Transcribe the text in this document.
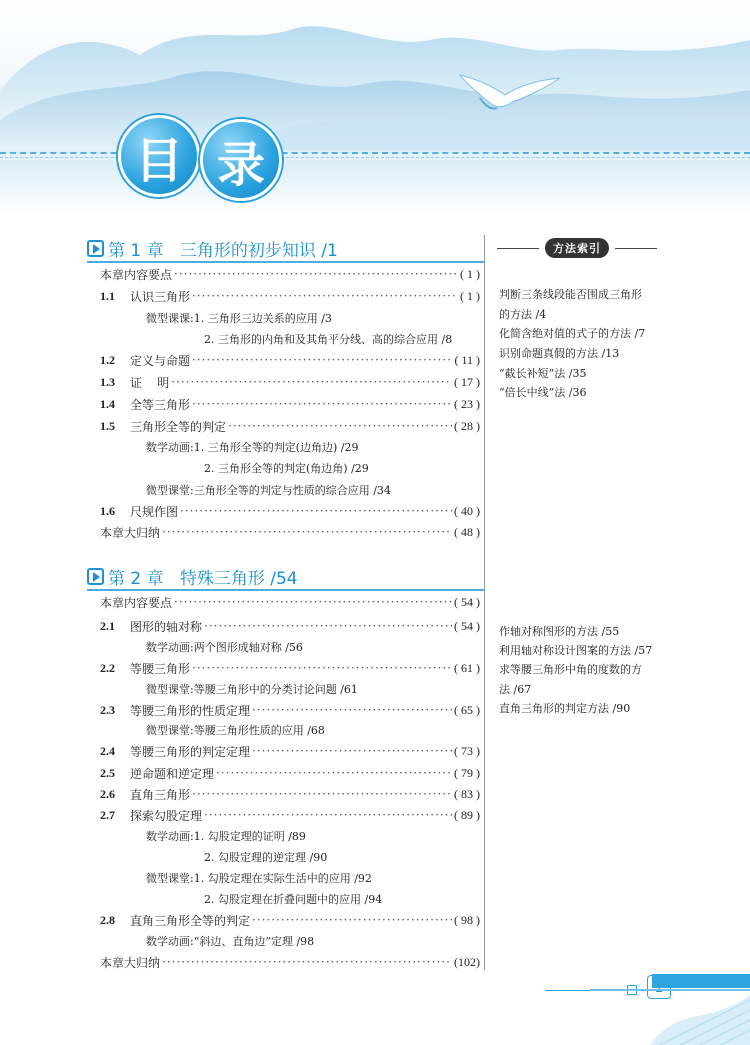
目 录
第 1 章   三角形的初步知识 /1
本章内容要点 ·····	( 1 )
1.1	认识三角形 ·····	( 1 )
微型课课:1. 三角形三边关系的应用 /3
2. 三角形的内角和及其角平分线、高的综合应用 /8
1.2	定义与命题 ·····	( 11 )
1.3	证    明 ·····	( 17 )
1.4	全等三角形 ·····	( 23 )
1.5	三角形全等的判定 ·····	( 28 )
数学动画:1. 三角形全等的判定(边角边) /29
2. 三角形全等的判定(角边角) /29
微型课堂:三角形全等的判定与性质的综合应用 /34
1.6	尺规作图 ·····	( 40 )
本章大归纳 ·····	( 48 )
第 2 章   特殊三角形 /54
本章内容要点 ·····	( 54 )
2.1	图形的轴对称 ·····	( 54 )
数学动画:两个图形成轴对称 /56
2.2	等腰三角形 ·····	( 61 )
微型课堂:等腰三角形中的分类讨论问题 /61
2.3	等腰三角形的性质定理 ·····	( 65 )
微型课堂:等腰三角形性质的应用 /68
2.4	等腰三角形的判定定理 ·····	( 73 )
2.5	逆命题和逆定理 ·····	( 79 )
2.6	直角三角形 ·····	( 83 )
2.7	探索勾股定理 ·····	( 89 )
数学动画:1. 勾股定理的证明 /89
2. 勾股定理的逆定理 /90
微型课堂:1. 勾股定理在实际生活中的应用 /92
2. 勾股定理在折叠问题中的应用 /94
2.8	直角三角形全等的判定 ·····	( 98 )
数学动画:“斜边、直角边”定理 /98
本章大归纳 ·····	(102)
方法索引
判断三条线段能否围成三角形
的方法 /4
化简含绝对值的式子的方法 /7
识别命题真假的方法 /13
“截长补短”法 /35
“倍长中线”法 /36
作轴对称图形的方法 /55
利用轴对称设计图案的方法 /57
求等腰三角形中角的度数的方
法 /67
直角三角形的判定方法 /90
